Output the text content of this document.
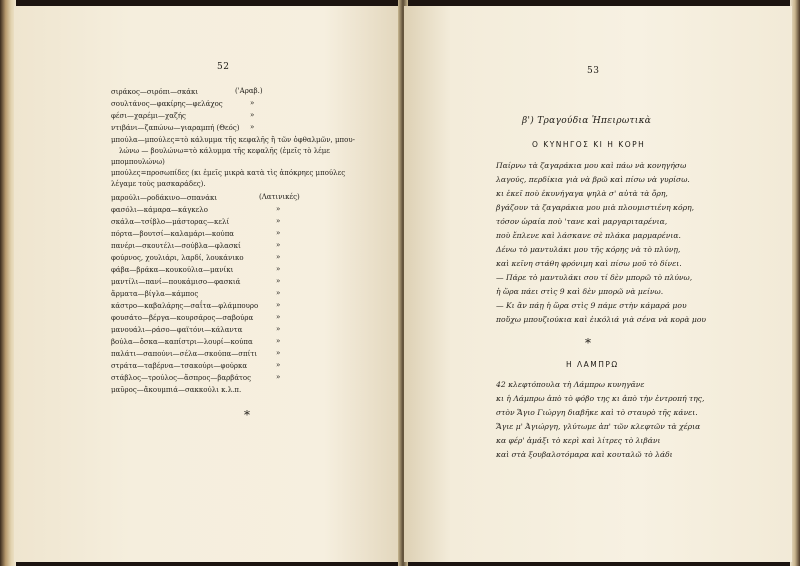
52
σιράκος—σιρόπι—σκάκι
σουλτάνος—φακίρης—φελάχος
φέσι—χαρέμι—χαζής
ντιβάνι—ζαπώνω—γιαραμπή (Θεός)
μπούλα—μπούλες=τὸ κάλυμμα τῆς κεφαλῆς ἢ τῶν ὀφθαλμῶν, μπου-
λώνω — βουλώνω=τὸ κάλυμμα τῆς κεφαλῆς (ἐμεῖς τὸ λέμε
μπομπουλώνω)
μπούλες=προσωπίδες (κι ἐμεῖς μικρὰ κατὰ τὶς ἀπόκρηες μπούλες
λέγαμε τοὺς μασκαράδες).
μαρούλι—ροδάκινο—σπανάκι
φασόλι—κάμαρα—κάγκελο
σκάλα—τσίβλο—μάστορας—κελί
πόρτα—βουτσί—καλαμάρι—κούπα
πανέρι—σκουτέλι—σούβλα—φλασκί
φούρνος, χουλιάρι, λαρδί, λουκάνικο
φάβα—βράκα—κουκούλια—μανίκι
μαντίλι—πανί—πουκάμισο—φασκιά
ἄρματα—βίγλα—κάμπος
κάστρο—καβαλάρης—σαΐτα—φλάμπουρο
φουσάτο—βέργα—κουρσάρος—σαβούρα
μανουάλι—ράσο—φαϊτόνι—κάλαντα
βούλα—ὄσκα—καπίστρι—λουρί—κούπα
παλάτι—σαπούνι—σέλα—σκούπα—σπίτι
στράτα—ταβέρνα—τσακούρι—φούρκα
στάβλος—τρούλος—ἄσπρος—βαρβάτος
μαῦρος—ἄκουμπιά—σακκούλι κ.λ.π.
('Αραβ.)
»
»
»
(Λατινικές)
»
»
»
»
»
»
»
»
»
»
»
»
»
»
»
*
53
β') Τραγούδια Ἠπειρωτικὰ
Ο ΚΥΝΗΓΟΣ ΚΙ Η ΚΟΡΗ
Παίρνω τὰ ζαγαράκια μου καὶ πάω νὰ κονηγήσω
λαγούς, περδίκια γιὰ νὰ βρῶ καὶ πίσω νὰ γυρίσω.
κι ἐκεῖ ποὺ ἐκυνήγαγα ψηλὰ σ' αὐτὰ τὰ ὄρη,
βγάζουν τὰ ζαγαράκια μου μιὰ πλουμιστιένη κόρη,
τόσον ὡραία ποὺ 'τανε καὶ μαργαριταρένια,
ποὺ ἔπλενε καὶ λάσκανε σὲ πλάκα μαρμαρένια.
Δένω τὸ μαντυλάκι μου τῆς κόρης νὰ τὸ πλύνῃ,
καὶ κεῖνη στάθη φρόνιμη καὶ πίσω μοῦ τὸ δίνει.
— Πάρε τὸ μαντυλάκι σου τί δὲν μπορῶ τὸ πλύνω,
ἡ ὥρα πάει στὶς 9 καὶ δὲν μπορῶ νὰ μείνω.
— Κι ἂν πάῃ ἡ ὥρα στὶς 9 πάμε στὴν κάμαρά μου
ποὔχω μπουζιούκια καὶ ἐικόλιά γιὰ σένα νὰ κορὰ μου
*
Η ΛΑΜΠΡΩ
42 κλεφτόπουλα τὴ Λάμπρω κυνηγᾶνε
κι ἡ Λάμπρω ἀπὸ τὸ φόβο της κι ἀπὸ τὴν ἐντροπή της,
στὸν Ἅγιο Γιώργη διαβῆκε καὶ τὸ σταυρὸ τῆς κάνει.
Ἅγιε μ' Ἀγιώργη, γλύτωμε ἀπ' τῶν κλεφτῶν τὰ χέρια
κα φέρ' ἁμάξι τὸ κερὶ καὶ λίτρες τὸ λιβάνι
καὶ στὰ ξουβαλοτόμαρα καὶ κουταλῶ τὸ λάδι
